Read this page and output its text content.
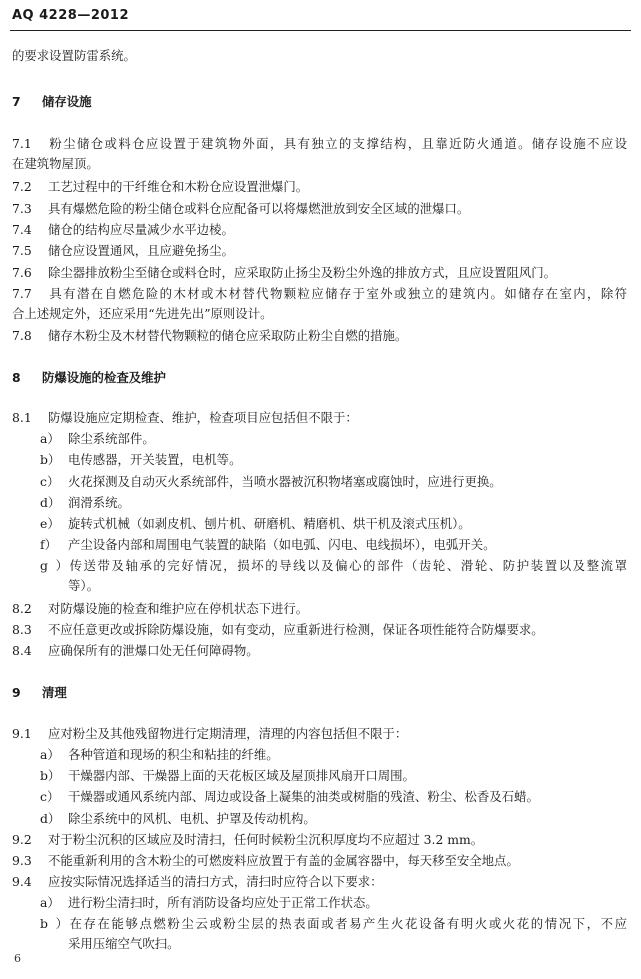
AQ 4228—2012
的要求设置防雷系统。
7 储存设施
7.1 粉尘储仓或料仓应设置于建筑物外面，具有独立的支撑结构，且靠近防火通道。储存设施不应设
在建筑物屋顶。
7.2 工艺过程中的干纤维仓和木粉仓应设置泄爆门。
7.3 具有爆燃危险的粉尘储仓或料仓应配备可以将爆燃泄放到安全区域的泄爆口。
7.4 储仓的结构应尽量减少水平边棱。
7.5 储仓应设置通风，且应避免扬尘。
7.6 除尘器排放粉尘至储仓或料仓时，应采取防止扬尘及粉尘外逸的排放方式，且应设置阻风门。
7.7 具有潜在自燃危险的木材或木材替代物颗粒应储存于室外或独立的建筑内。如储存在室内，除符
合上述规定外，还应采用“先进先出”原则设计。
7.8 储存木粉尘及木材替代物颗粒的储仓应采取防止粉尘自燃的措施。
8 防爆设施的检查及维护
8.1 防爆设施应定期检查、维护，检查项目应包括但不限于：
a） 除尘系统部件。
b） 电传感器，开关装置，电机等。
c） 火花探测及自动灭火系统部件，当喷水器被沉积物堵塞或腐蚀时，应进行更换。
d） 润滑系统。
e） 旋转式机械（如剥皮机、刨片机、研磨机、精磨机、烘干机及滚式压机）。
f） 产尘设备内部和周围电气装置的缺陷（如电弧、闪电、电线损坏），电弧开关。
g）传送带及轴承的完好情况，损坏的导线以及偏心的部件（齿轮、滑轮、防护装置以及整流罩
等）。
8.2 对防爆设施的检查和维护应在停机状态下进行。
8.3 不应任意更改或拆除防爆设施，如有变动，应重新进行检测，保证各项性能符合防爆要求。
8.4 应确保所有的泄爆口处无任何障碍物。
9 清理
9.1 应对粉尘及其他残留物进行定期清理，清理的内容包括但不限于：
a） 各种管道和现场的积尘和粘挂的纤维。
b） 干燥器内部、干燥器上面的天花板区域及屋顶排风扇开口周围。
c） 干燥器或通风系统内部、周边或设备上凝集的油类或树脂的残渣、粉尘、松香及石蜡。
d） 除尘系统中的风机、电机、护罩及传动机构。
9.2 对于粉尘沉积的区域应及时清扫，任何时候粉尘沉积厚度均不应超过 3.2 mm。
9.3 不能重新利用的含木粉尘的可燃废料应放置于有盖的金属容器中，每天移至安全地点。
9.4 应按实际情况选择适当的清扫方式，清扫时应符合以下要求：
a） 进行粉尘清扫时，所有消防设备均应处于正常工作状态。
b）在存在能够点燃粉尘云或粉尘层的热表面或者易产生火花设备有明火或火花的情况下，不应
采用压缩空气吹扫。
6
